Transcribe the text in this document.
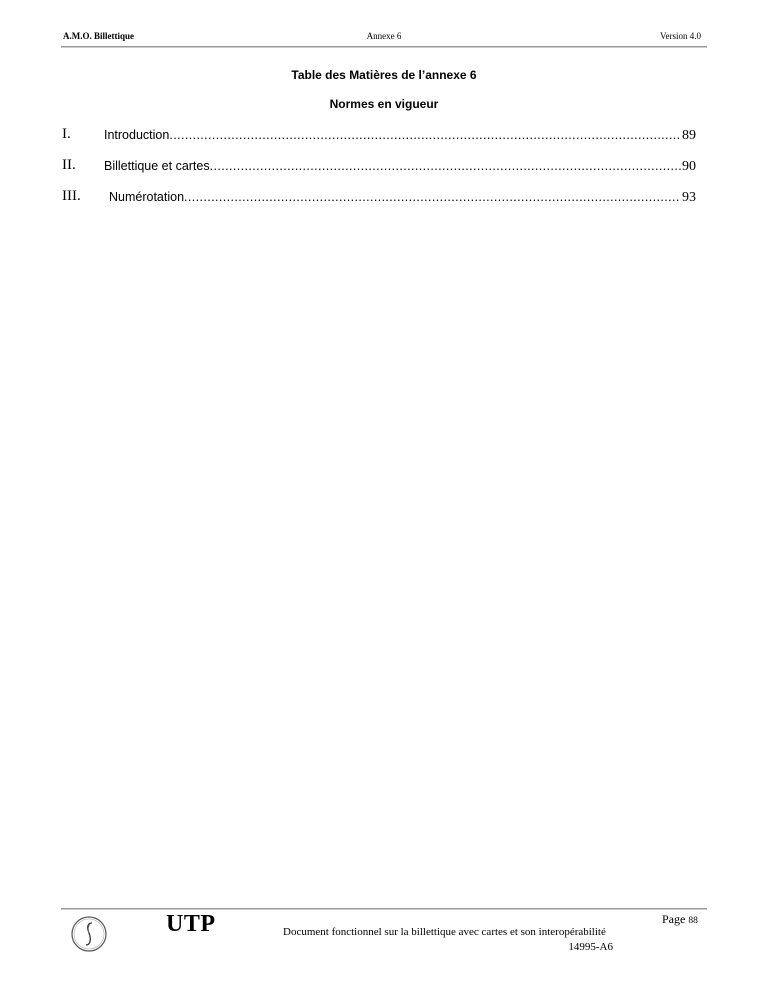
A.M.O. Billettique	Annexe 6	Version 4.0
Table des Matières de l’annexe 6
Normes en vigueur
I.	Introduction .....	89
II. Billettique et cartes .....	90
III. Numérotation .....	93
UTP	Document fonctionnel sur la billettique avec cartes et son interopérabilité
14995-A6
Page 88
